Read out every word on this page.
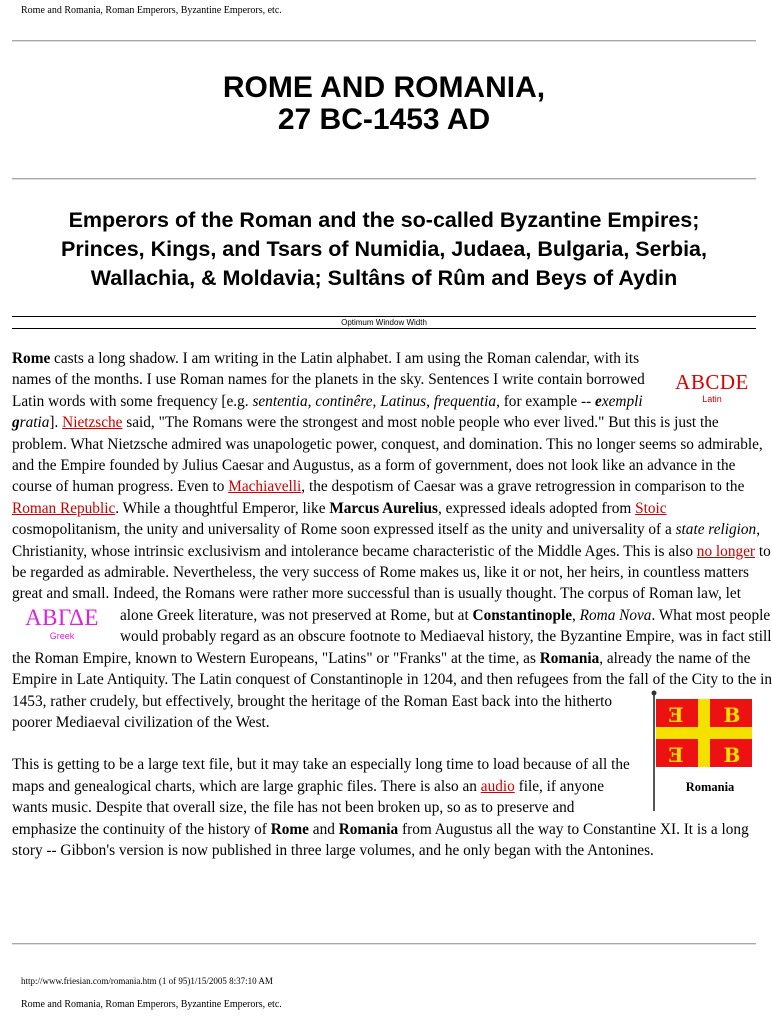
Rome and Romania, Roman Emperors, Byzantine Emperors, etc.
ROME AND ROMANIA,
27 BC-1453 AD
Emperors of the Roman and the so-called Byzantine Empires;
Princes, Kings, and Tsars of Numidia, Judaea, Bulgaria, Serbia,
Wallachia, & Moldavia; Sultâns of Rûm and Beys of Aydin
Optimum Window Width

ABCDE
Latin
Rome casts a long shadow. I am writing in the Latin alphabet. I am using the Roman calendar, with its names of the months. I use Roman names for the planets in the sky. Sentences I write contain borrowed Latin words with some frequency [e.g. sententia, continêre, Latinus, frequentia, for example -- exempli gratia]. Nietzsche said, "The Romans were the strongest and most noble people who ever lived." But this is just the problem. What Nietzsche admired was unapologetic power, conquest, and domination. This no longer seems so admirable, and the Empire founded by Julius Caesar and Augustus, as a form of government, does not look like an advance in the course of human progress. Even to Machiavelli, the despotism of Caesar was a grave retrogression in comparison to the Roman Republic. While a thoughtful Emperor, like Marcus Aurelius, expressed ideals adopted from Stoic cosmopolitanism, the unity and universality of Rome soon expressed itself as the unity and universality of a state religion, Christianity, whose intrinsic exclusivism and intolerance became characteristic of the Middle Ages. This is also no longer to be regarded as admirable. Nevertheless, the very success of Rome makes us, like it or not, her heirs, in countless matters great and small. Indeed, the Romans were rather more successful than is usually thought. The corpus of Roman law, let alone Greek literature, was not preserved at Rome, but at Constantinople,
ΑΒΓΔΕ
Greek
Roma Nova. What most people would probably regard as an obscure footnote to Mediaeval history, the Byzantine Empire, was in fact still the Roman Empire, known to Western Europeans, "Latins" or "Franks" at the time, as Romania, already the name of the Empire in Late Antiquity. The Latin conquest of Constantinople in 1204, and then refugees from the fall of the City to the
Ǝ B
Ǝ B
Romania
in 1453, rather crudely, but effectively, brought the heritage of the Roman East back into the hitherto poorer Mediaeval civilization of the West.

This is getting to be a large text file, but it may take an especially long time to load because of all the maps and genealogical charts, which are large graphic files. There is also an audio file, if anyone wants music. Despite that overall size, the file has not been broken up, so as to preserve and emphasize the continuity of the history of Rome and Romania from Augustus all the way to Constantine XI. It is a long story -- Gibbon's version is now published in three large volumes, and he only began with the Antonines.

http://www.friesian.com/romania.htm (1 of 95)1/15/2005 8:37:10 AM
Rome and Romania, Roman Emperors, Byzantine Emperors, etc.
